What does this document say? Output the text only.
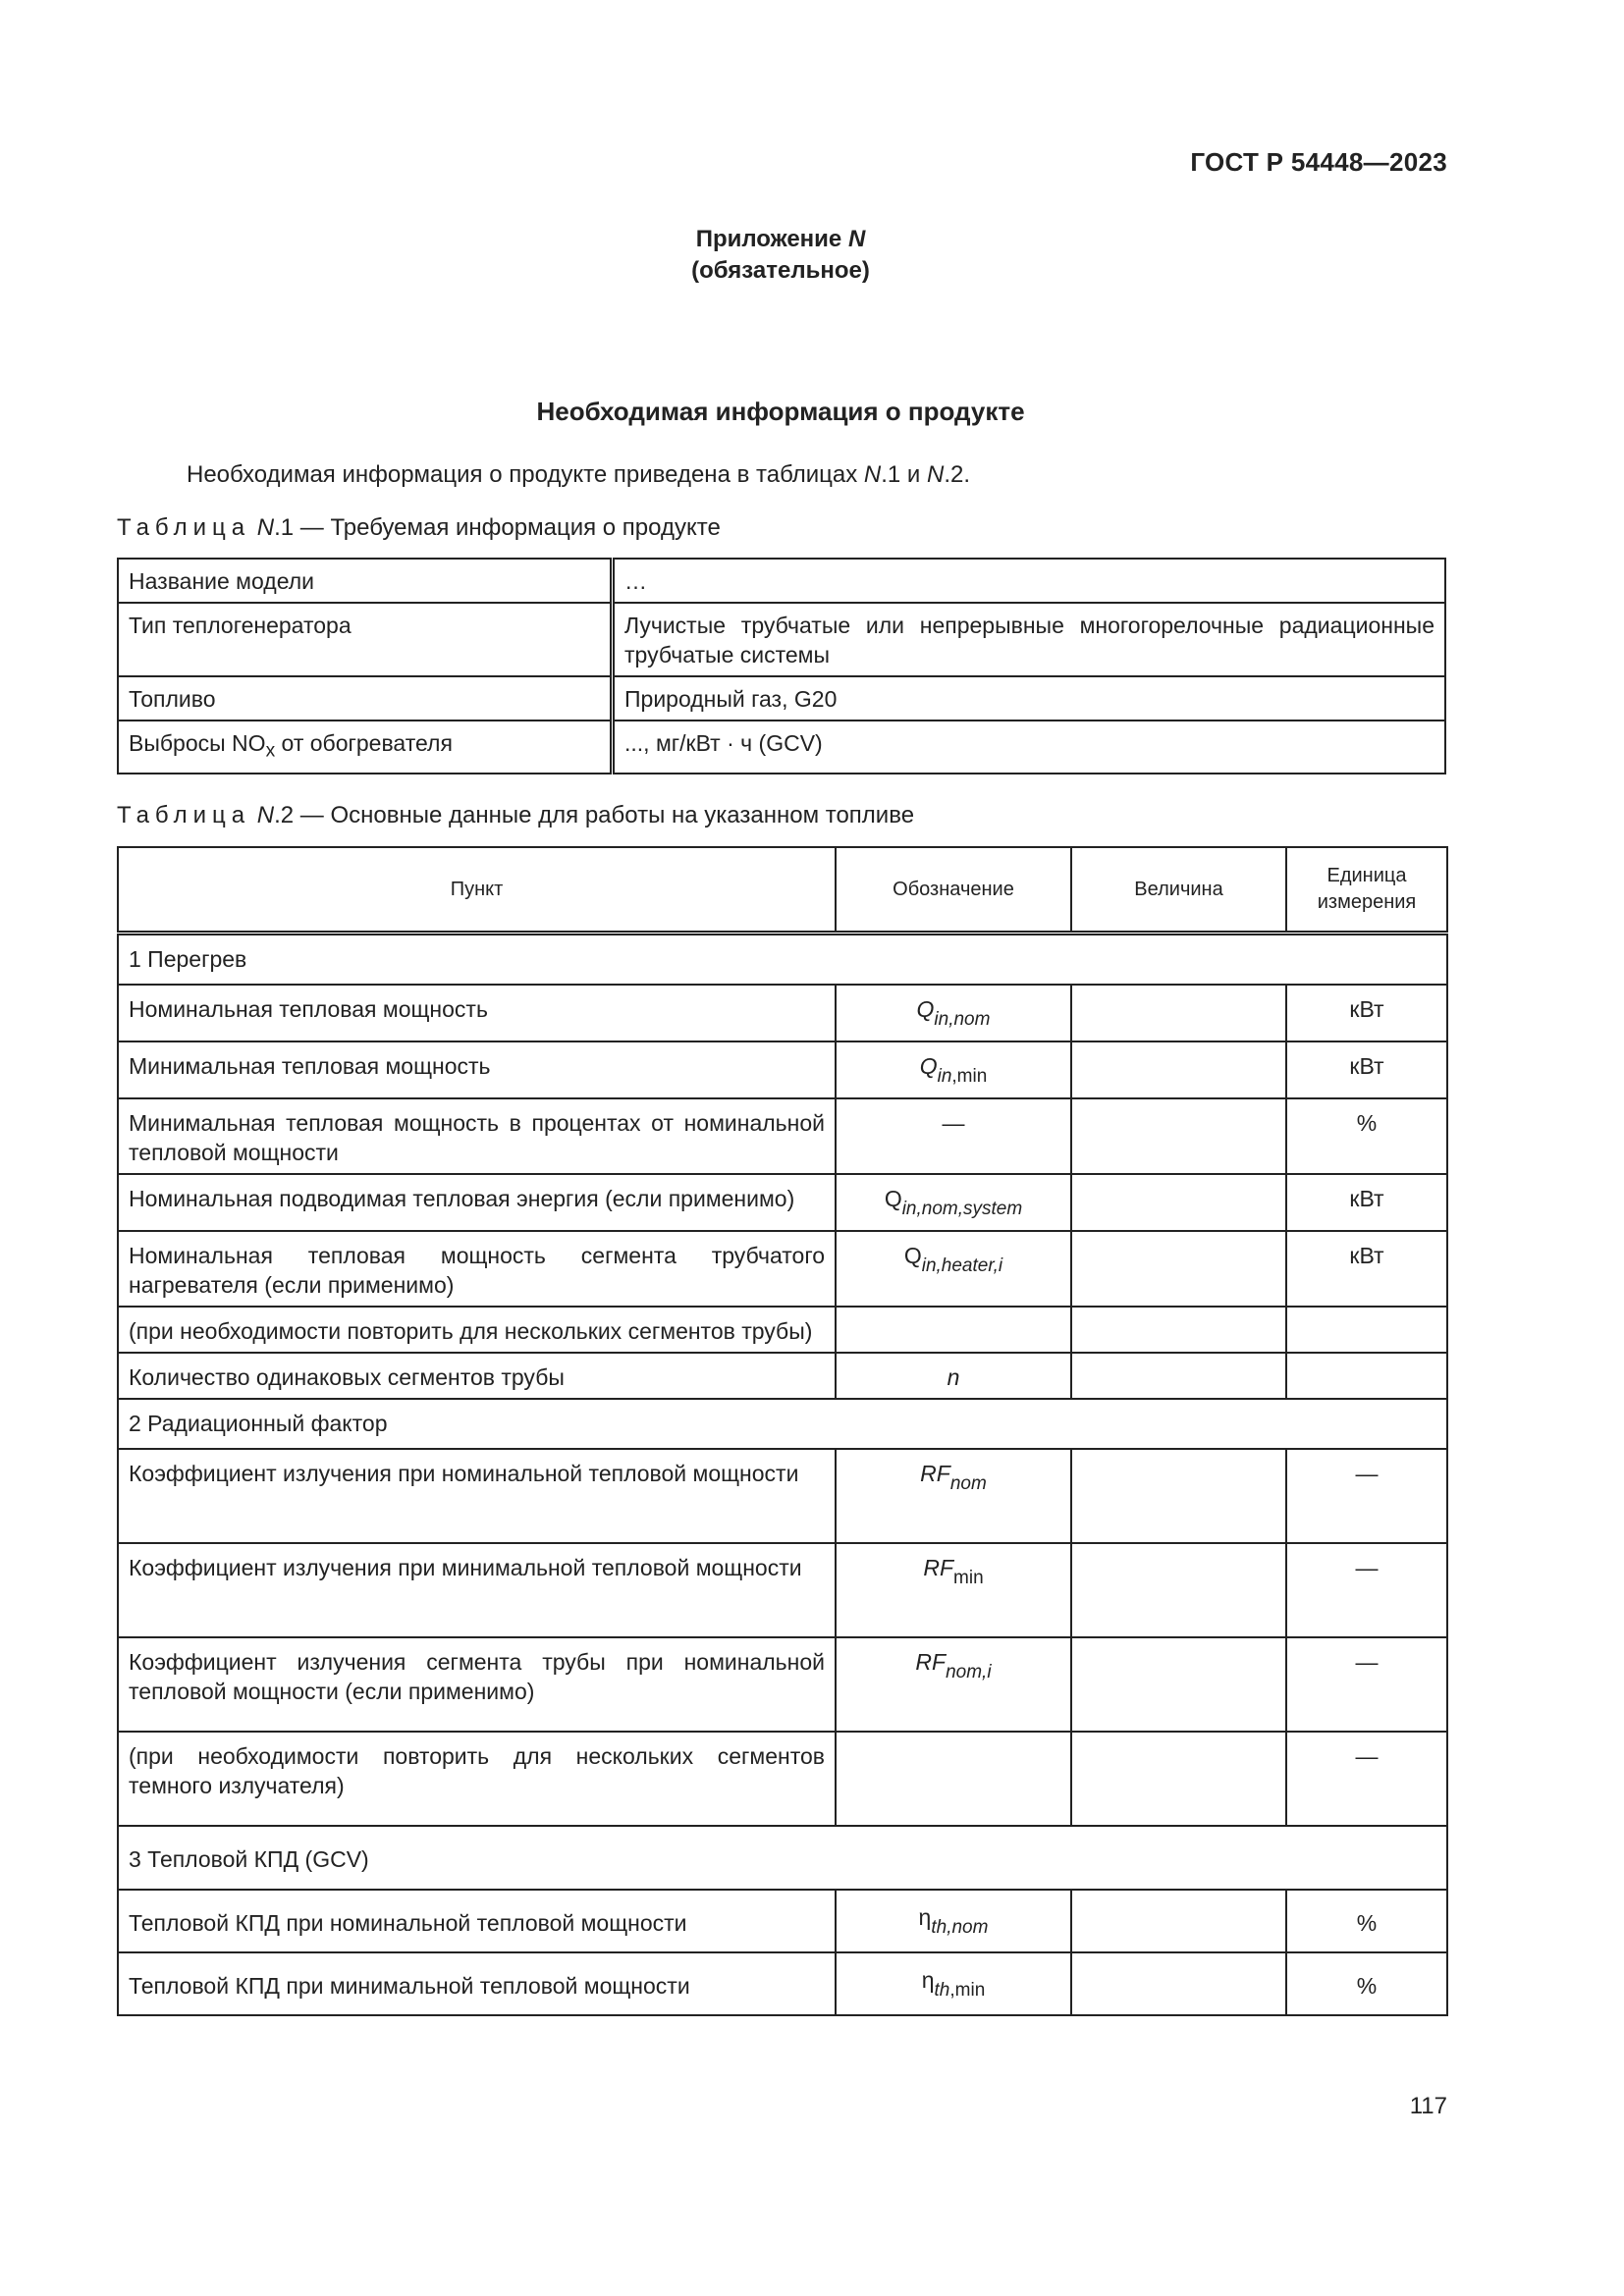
ГОСТ Р 54448—2023
Приложение N
(обязательное)
Необходимая информация о продукте
Необходимая информация о продукте приведена в таблицах N.1 и N.2.
Таблица N.1 — Требуемая информация о продукте
Название модели	…
Тип теплогенератора	Лучистые трубчатые или непрерывные многогорелочные радиационные трубчатые системы
Топливо	Природный газ, G20
Выбросы $NO_x$ от обогревателя	..., мг/кВт · ч (GCV)
Таблица N.2 — Основные данные для работы на указанном топливе
Пункт	Обозначение	Величина	Единица
измерения
1 Перегрев			
Номинальная тепловая мощность	$Q_{in,nom}$		кВт
Минимальная тепловая мощность	$Q_{in,min}$		кВт
Минимальная тепловая мощность в процентах от номинальной тепловой мощности	—		%
Номинальная подводимая тепловая энергия (если применимо)	$Q_{in,nom,system}$		кВт
Номинальная тепловая мощность сегмента трубчатого нагревателя (если применимо)	$Q_{in,heater,i}$		кВт
(при необходимости повторить для нескольких сегментов трубы)			
Количество одинаковых сегментов трубы	n		
2 Радиационный фактор			
Коэффициент излучения при номинальной тепловой мощности	$RF_{nom}$		—
Коэффициент излучения при минимальной тепловой мощности	$RF_{min}$		—
Коэффициент излучения сегмента трубы при номинальной тепловой мощности (если применимо)	$RF_{nom,i}$		—
(при необходимости повторить для нескольких сегментов темного излучателя)			—
3 Тепловой КПД (GCV)			
Тепловой КПД при номинальной тепловой мощности	$\eta_{th,nom}$		%
Тепловой КПД при минимальной тепловой мощности	$\eta_{th,min}$		%
117
